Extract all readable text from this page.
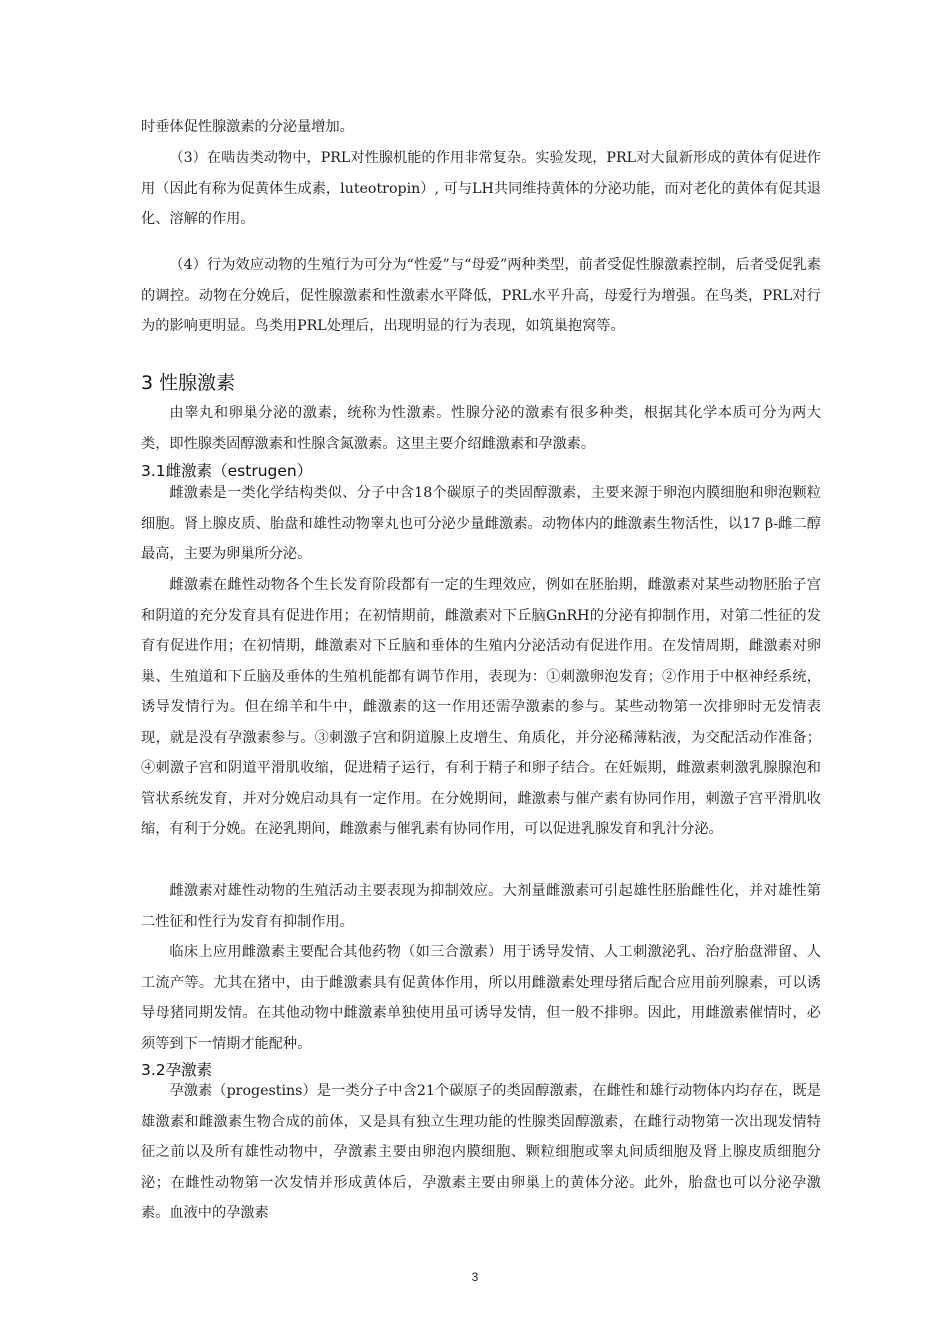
时垂体促性腺激素的分泌量增加。
（3）在啮齿类动物中，PRL对性腺机能的作用非常复杂。实验发现，PRL对大鼠新形成的黄体有促进作用（因此有称为促黄体生成素，luteotropin）, 可与LH共同维持黄体的分泌功能，而对老化的黄体有促其退化、溶解的作用。
（4）行为效应动物的生殖行为可分为“性爱”与“母爱”两种类型，前者受促性腺激素控制，后者受促乳素的调控。动物在分娩后，促性腺激素和性激素水平降低，PRL水平升高，母爱行为增强。在鸟类，PRL对行为的影响更明显。鸟类用PRL处理后，出现明显的行为表现，如筑巢抱窝等。
3 性腺激素
由睾丸和卵巢分泌的激素，统称为性激素。性腺分泌的激素有很多种类，根据其化学本质可分为两大类，即性腺类固醇激素和性腺含氮激素。这里主要介绍雌激素和孕激素。
3.1雌激素（estrugen）
雌激素是一类化学结构类似、分子中含18个碳原子的类固醇激素，主要来源于卵泡内膜细胞和卵泡颗粒细胞。肾上腺皮质、胎盘和雄性动物睾丸也可分泌少量雌激素。动物体内的雌激素生物活性，以17 β-雌二醇最高，主要为卵巢所分泌。
雌激素在雌性动物各个生长发育阶段都有一定的生理效应，例如在胚胎期，雌激素对某些动物胚胎子宫和阴道的充分发育具有促进作用；在初情期前，雌激素对下丘脑GnRH的分泌有抑制作用，对第二性征的发育有促进作用；在初情期，雌激素对下丘脑和垂体的生殖内分泌活动有促进作用。在发情周期，雌激素对卵巢、生殖道和下丘脑及垂体的生殖机能都有调节作用，表现为：①刺激卵泡发育；②作用于中枢神经系统，诱导发情行为。但在绵羊和牛中，雌激素的这一作用还需孕激素的参与。某些动物第一次排卵时无发情表现，就是没有孕激素参与。③刺激子宫和阴道腺上皮增生、角质化，并分泌稀薄粘液，为交配活动作准备；④刺激子宫和阴道平滑肌收缩，促进精子运行，有利于精子和卵子结合。在妊娠期，雌激素刺激乳腺腺泡和管状系统发育，并对分娩启动具有一定作用。在分娩期间，雌激素与催产素有协同作用，刺激子宫平滑肌收缩，有利于分娩。在泌乳期间，雌激素与催乳素有协同作用，可以促进乳腺发育和乳汁分泌。
雌激素对雄性动物的生殖活动主要表现为抑制效应。大剂量雌激素可引起雄性胚胎雌性化，并对雄性第二性征和性行为发育有抑制作用。
临床上应用雌激素主要配合其他药物（如三合激素）用于诱导发情、人工刺激泌乳、治疗胎盘滞留、人工流产等。尤其在猪中，由于雌激素具有促黄体作用，所以用雌激素处理母猪后配合应用前列腺素，可以诱导母猪同期发情。在其他动物中雌激素单独使用虽可诱导发情，但一般不排卵。因此，用雌激素催情时，必须等到下一情期才能配种。
3.2孕激素
孕激素（progestins）是一类分子中含21个碳原子的类固醇激素，在雌性和雄行动物体内均存在，既是雄激素和雌激素生物合成的前体，又是具有独立生理功能的性腺类固醇激素，在雌行动物第一次出现发情特征之前以及所有雄性动物中，孕激素主要由卵泡内膜细胞、颗粒细胞或睾丸间质细胞及肾上腺皮质细胞分泌；在雌性动物第一次发情并形成黄体后，孕激素主要由卵巢上的黄体分泌。此外，胎盘也可以分泌孕激素。血液中的孕激素
3
